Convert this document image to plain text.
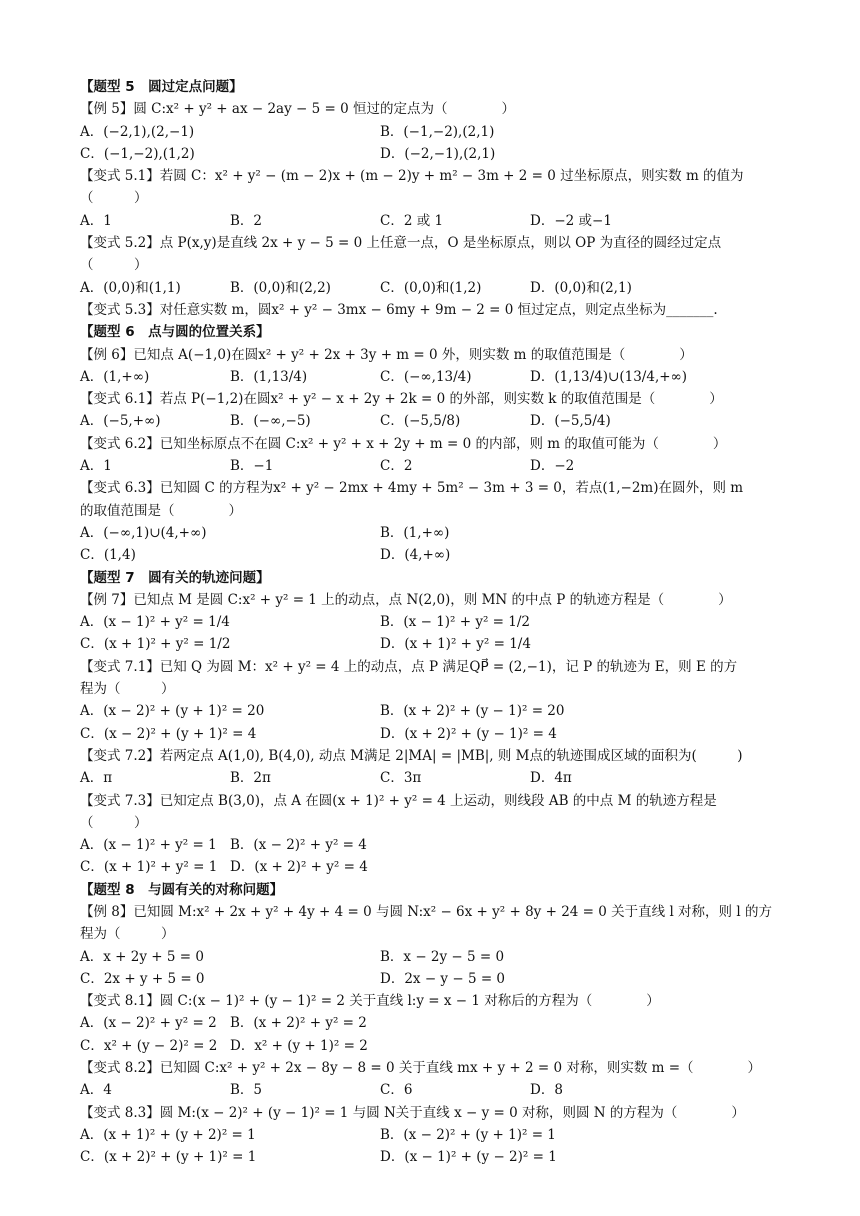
【题型 5　圆过定点问题】
【例 5】圆 C:x² + y² + ax − 2ay − 5 = 0 恒过的定点为（　　　　）
A．(−2,1),(2,−1)	B．(−1,−2),(2,1)
C．(−1,−2),(1,2)	D．(−2,−1),(2,1)
【变式 5.1】若圆 C：x² + y² − (m − 2)x + (m − 2)y + m² − 3m + 2 = 0 过坐标原点，则实数 m 的值为
（　　　）
A．1	B．2	C．2 或 1	D．−2 或−1
【变式 5.2】点 P(x,y)是直线 2x + y − 5 = 0 上任意一点，O 是坐标原点，则以 OP 为直径的圆经过定点
（　　　）
A．(0,0)和(1,1)	B．(0,0)和(2,2)	C．(0,0)和(1,2)	D．(0,0)和(2,1)
【变式 5.3】对任意实数 m，圆x² + y² − 3mx − 6my + 9m − 2 = 0 恒过定点，则定点坐标为_______.
【题型 6　点与圆的位置关系】
【例 6】已知点 A(−1,0)在圆x² + y² + 2x + 3y + m = 0 外，则实数 m 的取值范围是（　　　　）
A．(1,+∞)	B．(1,13/4)	C．(−∞,13/4)	D．(1,13/4)∪(13/4,+∞)
【变式 6.1】若点 P(−1,2)在圆x² + y² − x + 2y + 2k = 0 的外部，则实数 k 的取值范围是（　　　　）
A．(−5,+∞)	B．(−∞,−5)	C．(−5,5/8)	D．(−5,5/4)
【变式 6.2】已知坐标原点不在圆 C:x² + y² + x + 2y + m = 0 的内部，则 m 的取值可能为（　　　　）
A．1	B．−1	C．2	D．−2
【变式 6.3】已知圆 C 的方程为x² + y² − 2mx + 4my + 5m² − 3m + 3 = 0，若点(1,−2m)在圆外，则 m
的取值范围是（　　　　）
A．(−∞,1)∪(4,+∞)	B．(1,+∞)
C．(1,4)	D．(4,+∞)
【题型 7　圆有关的轨迹问题】
【例 7】已知点 M 是圆 C:x² + y² = 1 上的动点，点 N(2,0)，则 MN 的中点 P 的轨迹方程是（　　　　）
A．(x − 1)² + y² = 1/4	B．(x − 1)² + y² = 1/2
C．(x + 1)² + y² = 1/2	D．(x + 1)² + y² = 1/4
【变式 7.1】已知 Q 为圆 M：x² + y² = 4 上的动点，点 P 满足QP⃗ = (2,−1)，记 P 的轨迹为 E，则 E 的方
程为（　　　）
A．(x − 2)² + (y + 1)² = 20	B．(x + 2)² + (y − 1)² = 20
C．(x − 2)² + (y + 1)² = 4	D．(x + 2)² + (y − 1)² = 4
【变式 7.2】若两定点 A(1,0), B(4,0), 动点 M满足 2|MA| = |MB|, 则 M点的轨迹围成区域的面积为(　　　)
A．π	B．2π	C．3π	D．4π
【变式 7.3】已知定点 B(3,0)，点 A 在圆(x + 1)² + y² = 4 上运动，则线段 AB 的中点 M 的轨迹方程是
（　　　）
A．(x − 1)² + y² = 1 B．(x − 2)² + y² = 4
C．(x + 1)² + y² = 1 D．(x + 2)² + y² = 4
【题型 8　与圆有关的对称问题】
【例 8】已知圆 M:x² + 2x + y² + 4y + 4 = 0 与圆 N:x² − 6x + y² + 8y + 24 = 0 关于直线 l 对称，则 l 的方
程为（　　　）
A．x + 2y + 5 = 0	B．x − 2y − 5 = 0
C．2x + y + 5 = 0	D．2x − y − 5 = 0
【变式 8.1】圆 C:(x − 1)² + (y − 1)² = 2 关于直线 l:y = x − 1 对称后的方程为（　　　　）
A．(x − 2)² + y² = 2 B．(x + 2)² + y² = 2
C．x² + (y − 2)² = 2 D．x² + (y + 1)² = 2
【变式 8.2】已知圆 C:x² + y² + 2x − 8y − 8 = 0 关于直线 mx + y + 2 = 0 对称，则实数 m =（　　　　）
A．4	B．5	C．6	D．8
【变式 8.3】圆 M:(x − 2)² + (y − 1)² = 1 与圆 N关于直线 x − y = 0 对称，则圆 N 的方程为（　　　　）
A．(x + 1)² + (y + 2)² = 1	B．(x − 2)² + (y + 1)² = 1
C．(x + 2)² + (y + 1)² = 1	D．(x − 1)² + (y − 2)² = 1
